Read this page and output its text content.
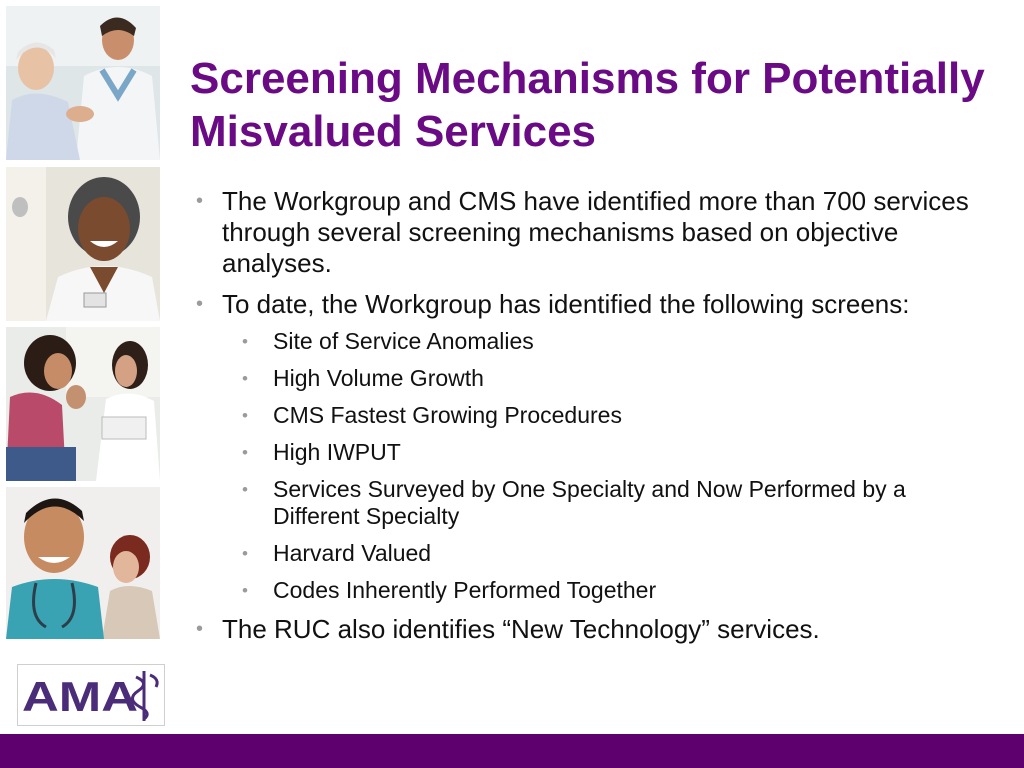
AMA
Screening Mechanisms for Potentially Misvalued Services
• The Workgroup and CMS have identified more than 700 services through several screening mechanisms based on objective analyses.
• To date, the Workgroup has identified the following screens:
• Site of Service Anomalies
• High Volume Growth
• CMS Fastest Growing Procedures
• High IWPUT
• Services Surveyed by One Specialty and Now Performed by a Different Specialty
• Harvard Valued
• Codes Inherently Performed Together
• The RUC also identifies “New Technology” services.
